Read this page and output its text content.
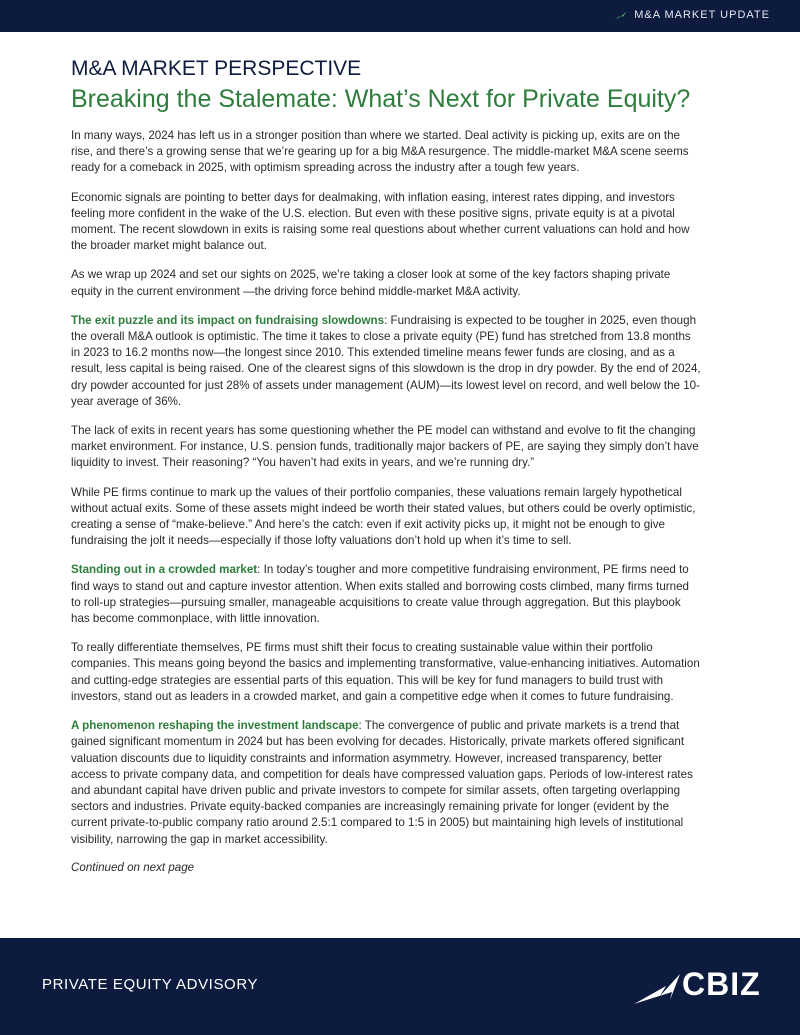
M&A MARKET UPDATE
M&A MARKET PERSPECTIVE
Breaking the Stalemate: What’s Next for Private Equity?

In many ways, 2024 has left us in a stronger position than where we started. Deal activity is picking up, exits are on the rise, and there’s a growing sense that we’re gearing up for a big M&A resurgence. The middle-market M&A scene seems ready for a comeback in 2025, with optimism spreading across the industry after a tough few years.

Economic signals are pointing to better days for dealmaking, with inflation easing, interest rates dipping, and investors feeling more confident in the wake of the U.S. election. But even with these positive signs, private equity is at a pivotal moment. The recent slowdown in exits is raising some real questions about whether current valuations can hold and how the broader market might balance out.

As we wrap up 2024 and set our sights on 2025, we’re taking a closer look at some of the key factors shaping private equity in the current environment —the driving force behind middle-market M&A activity.

The exit puzzle and its impact on fundraising slowdowns: Fundraising is expected to be tougher in 2025, even though the overall M&A outlook is optimistic. The time it takes to close a private equity (PE) fund has stretched from 13.8 months in 2023 to 16.2 months now—the longest since 2010. This extended timeline means fewer funds are closing, and as a result, less capital is being raised. One of the clearest signs of this slowdown is the drop in dry powder. By the end of 2024, dry powder accounted for just 28% of assets under management (AUM)—its lowest level on record, and well below the 10-year average of 36%.

The lack of exits in recent years has some questioning whether the PE model can withstand and evolve to fit the changing market environment. For instance, U.S. pension funds, traditionally major backers of PE, are saying they simply don’t have liquidity to invest. Their reasoning? “You haven’t had exits in years, and we’re running dry.”

While PE firms continue to mark up the values of their portfolio companies, these valuations remain largely hypothetical without actual exits. Some of these assets might indeed be worth their stated values, but others could be overly optimistic, creating a sense of “make-believe.” And here’s the catch: even if exit activity picks up, it might not be enough to give fundraising the jolt it needs—especially if those lofty valuations don’t hold up when it’s time to sell.

Standing out in a crowded market: In today’s tougher and more competitive fundraising environment, PE firms need to find ways to stand out and capture investor attention. When exits stalled and borrowing costs climbed, many firms turned to roll-up strategies—pursuing smaller, manageable acquisitions to create value through aggregation. But this playbook has become commonplace, with little innovation.

To really differentiate themselves, PE firms must shift their focus to creating sustainable value within their portfolio companies. This means going beyond the basics and implementing transformative, value-enhancing initiatives. Automation and cutting-edge strategies are essential parts of this equation. This will be key for fund managers to build trust with investors, stand out as leaders in a crowded market, and gain a competitive edge when it comes to future fundraising.

A phenomenon reshaping the investment landscape: The convergence of public and private markets is a trend that gained significant momentum in 2024 but has been evolving for decades. Historically, private markets offered significant valuation discounts due to liquidity constraints and information asymmetry. However, increased transparency, better access to private company data, and competition for deals have compressed valuation gaps. Periods of low-interest rates and abundant capital have driven public and private investors to compete for similar assets, often targeting overlapping sectors and industries. Private equity-backed companies are increasingly remaining private for longer (evident by the current private-to-public company ratio around 2.5:1 compared to 1:5 in 2005) but maintaining high levels of institutional visibility, narrowing the gap in market accessibility.

Continued on next page

PRIVATE EQUITY ADVISORY	CBIZ
